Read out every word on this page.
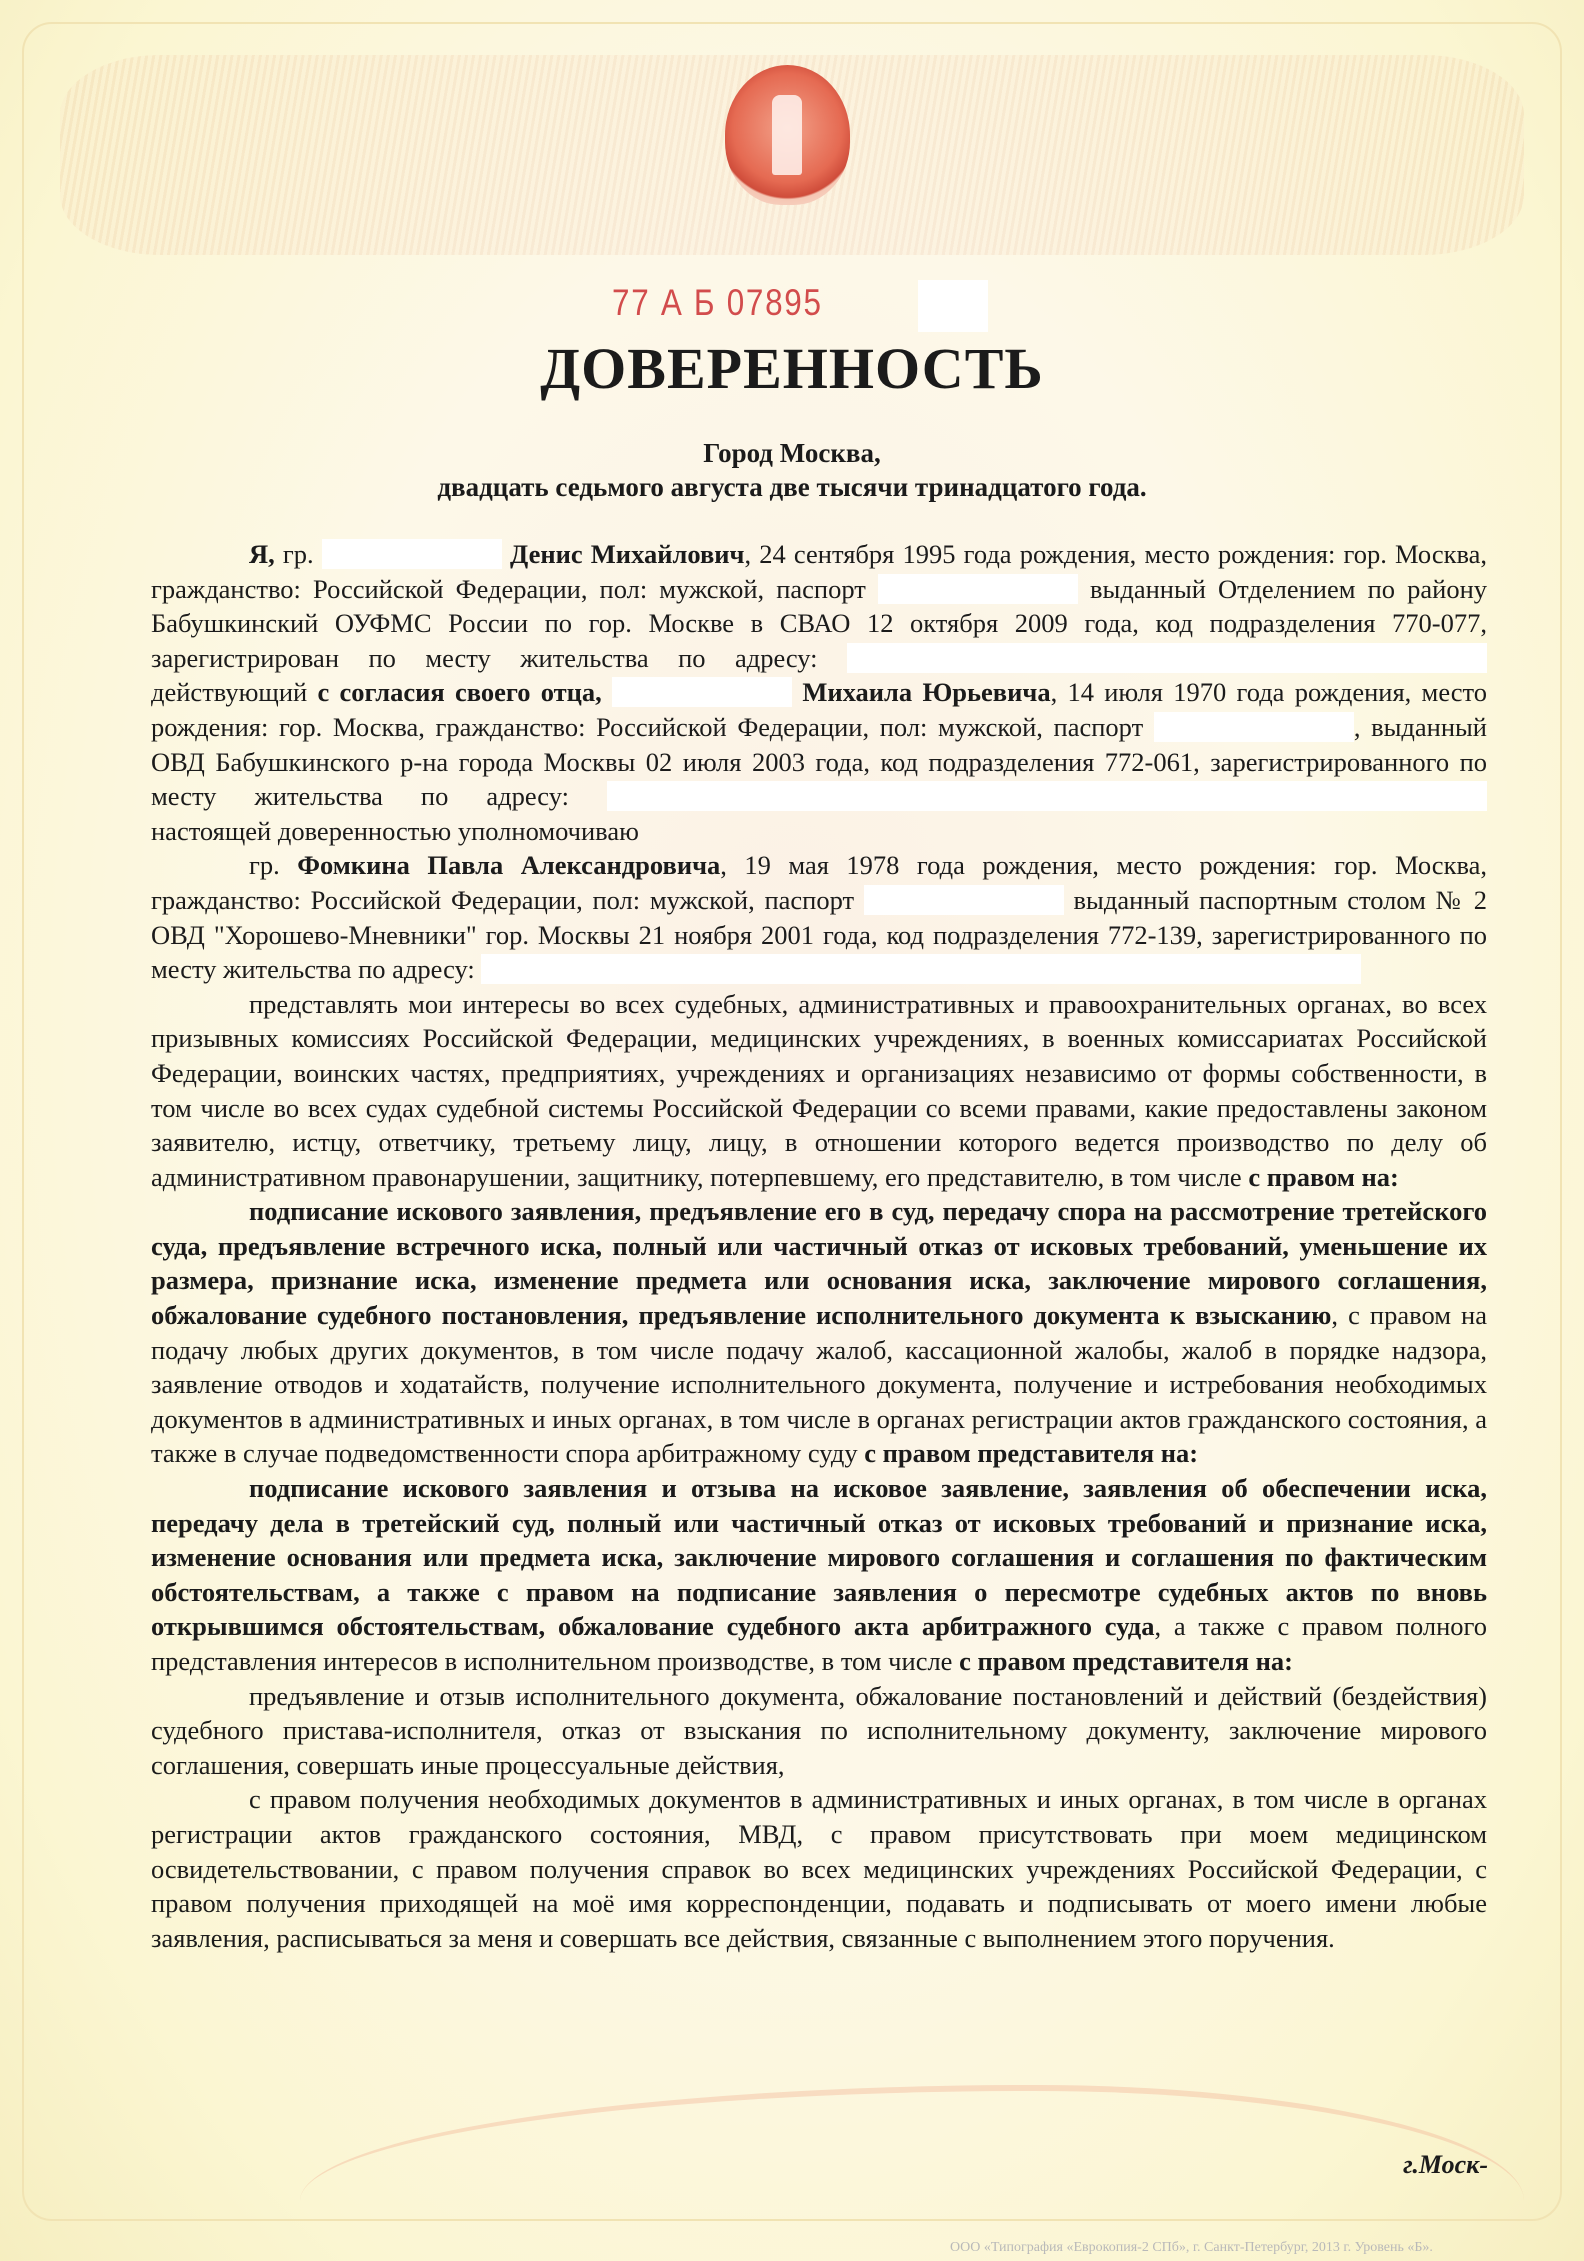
77 А Б 07895
ДОВЕРЕННОСТЬ
Город Москва,
двадцать седьмого августа две тысячи тринадцатого года.

Я, гр.	Денис Михайлович, 24 сентября 1995 года рождения, место рождения: гор. Москва, гражданство: Российской Федерации, пол: мужской, паспорт	выданный Отделением по району Бабушкинский ОУФМС России по гор. Москве в СВАО 12 октября 2009 года, код подразделения 770-077, зарегистрирован по месту жительства по адресу:  действующий с согласия своего отца,	Михаила Юрьевича, 14 июля 1970 года рождения, место рождения: гор. Москва, гражданство: Российской Федерации, пол: мужской, паспорт	, выданный ОВД Бабушкинского р-на города Москвы 02 июля 2003 года, код подразделения 772-061, зарегистрированного по месту жительства по адресу:  настоящей доверенностью уполномочиваю

гр. Фомкина Павла Александровича, 19 мая 1978 года рождения, место рождения: гор. Москва, гражданство: Российской Федерации, пол: мужской, паспорт	выданный паспортным столом № 2 ОВД "Хорошево-Мневники" гор. Москвы 21 ноября 2001 года, код подразделения 772-139, зарегистрированного по месту жительства по адресу:

представлять мои интересы во всех судебных, административных и правоохранительных органах, во всех призывных комиссиях Российской Федерации, медицинских учреждениях, в военных комиссариатах Российской Федерации, воинских частях, предприятиях, учреждениях и организациях независимо от формы собственности, в том числе во всех судах судебной системы Российской Федерации со всеми правами, какие предоставлены законом заявителю, истцу, ответчику, третьему лицу, лицу, в отношении которого ведется производство по делу об административном правонарушении, защитнику, потерпевшему, его представителю, в том числе с правом на:

подписание искового заявления, предъявление его в суд, передачу спора на рассмотрение третейского суда, предъявление встречного иска, полный или частичный отказ от исковых требований, уменьшение их размера, признание иска, изменение предмета или основания иска, заключение мирового соглашения, обжалование судебного постановления, предъявление исполнительного документа к взысканию, с правом на подачу любых других документов, в том числе подачу жалоб, кассационной жалобы, жалоб в порядке надзора, заявление отводов и ходатайств, получение исполнительного документа, получение и истребования необходимых документов в административных и иных органах, в том числе в органах регистрации актов гражданского состояния, а также в случае подведомственности спора арбитражному суду с правом представителя на:

подписание искового заявления и отзыва на исковое заявление, заявления об обеспечении иска, передачу дела в третейский суд, полный или частичный отказ от исковых требований и признание иска, изменение основания или предмета иска, заключение мирового соглашения и соглашения по фактическим обстоятельствам, а также с правом на подписание заявления о пересмотре судебных актов по вновь открывшимся обстоятельствам, обжалование судебного акта арбитражного суда, а также с правом полного представления интересов в исполнительном производстве, в том числе с правом представителя на:

предъявление и отзыв исполнительного документа, обжалование постановлений и действий (бездействия) судебного пристава-исполнителя, отказ от взыскания по исполнительному документу, заключение мирового соглашения, совершать иные процессуальные действия,

с правом получения необходимых документов в административных и иных органах, в том числе в органах регистрации актов гражданского состояния, МВД, с правом присутствовать при моем медицинском освидетельствовании, с правом получения справок во всех медицинских учреждениях Российской Федерации, с правом получения приходящей на моё имя корреспонденции, подавать и подписывать от моего имени любые заявления, расписываться за меня и совершать все действия, связанные с выполнением этого поручения.

г.Моск-
ООО «Типография «Еврокопия-2 СПб», г. Санкт-Петербург, 2013 г. Уровень «Б».
